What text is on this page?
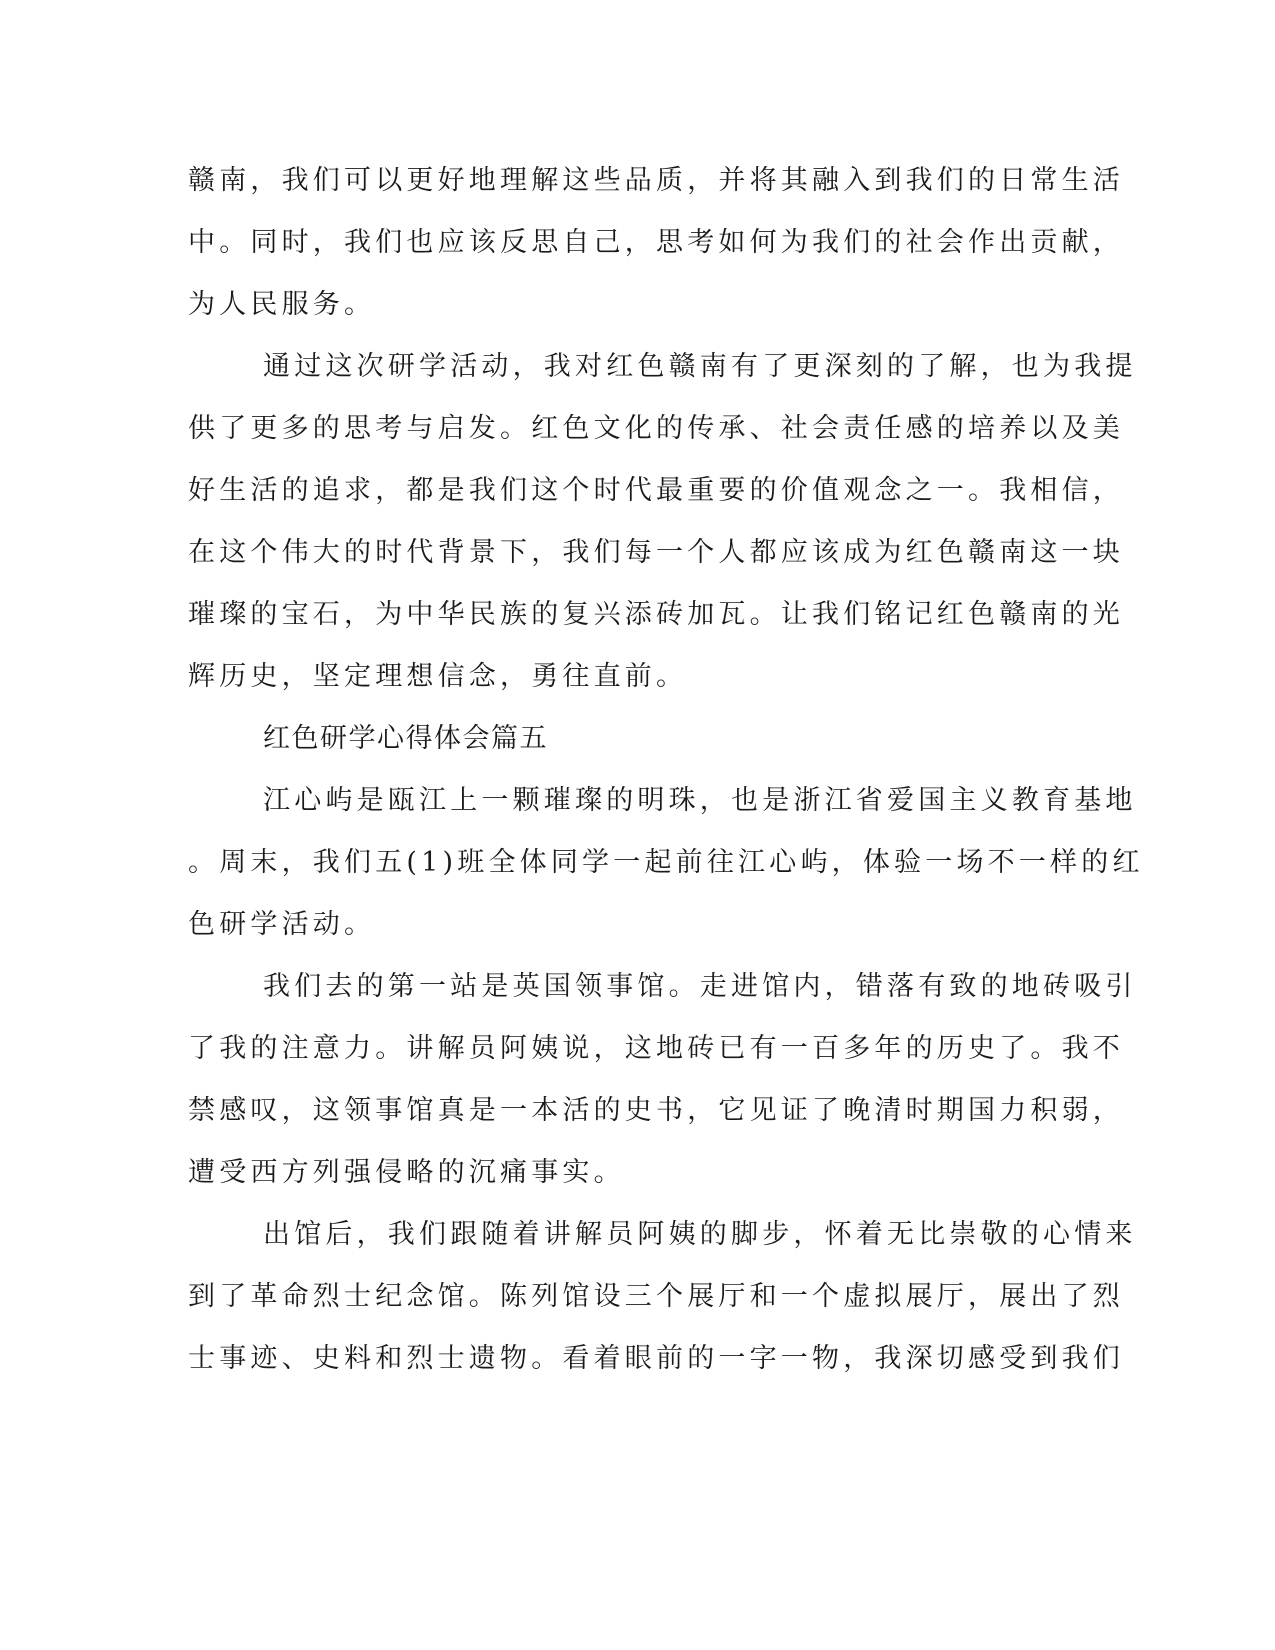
赣南，我们可以更好地理解这些品质，并将其融入到我们的日常生活
中。同时，我们也应该反思自己，思考如何为我们的社会作出贡献，
为人民服务。
通过这次研学活动，我对红色赣南有了更深刻的了解，也为我提
供了更多的思考与启发。红色文化的传承、社会责任感的培养以及美
好生活的追求，都是我们这个时代最重要的价值观念之一。我相信，
在这个伟大的时代背景下，我们每一个人都应该成为红色赣南这一块
璀璨的宝石，为中华民族的复兴添砖加瓦。让我们铭记红色赣南的光
辉历史，坚定理想信念，勇往直前。
红色研学心得体会篇五
江心屿是瓯江上一颗璀璨的明珠，也是浙江省爱国主义教育基地
。周末，我们五(1)班全体同学一起前往江心屿，体验一场不一样的红
色研学活动。
我们去的第一站是英国领事馆。走进馆内，错落有致的地砖吸引
了我的注意力。讲解员阿姨说，这地砖已有一百多年的历史了。我不
禁感叹，这领事馆真是一本活的史书，它见证了晚清时期国力积弱，
遭受西方列强侵略的沉痛事实。
出馆后，我们跟随着讲解员阿姨的脚步，怀着无比崇敬的心情来
到了革命烈士纪念馆。陈列馆设三个展厅和一个虚拟展厅，展出了烈
士事迹、史料和烈士遗物。看着眼前的一字一物，我深切感受到我们
